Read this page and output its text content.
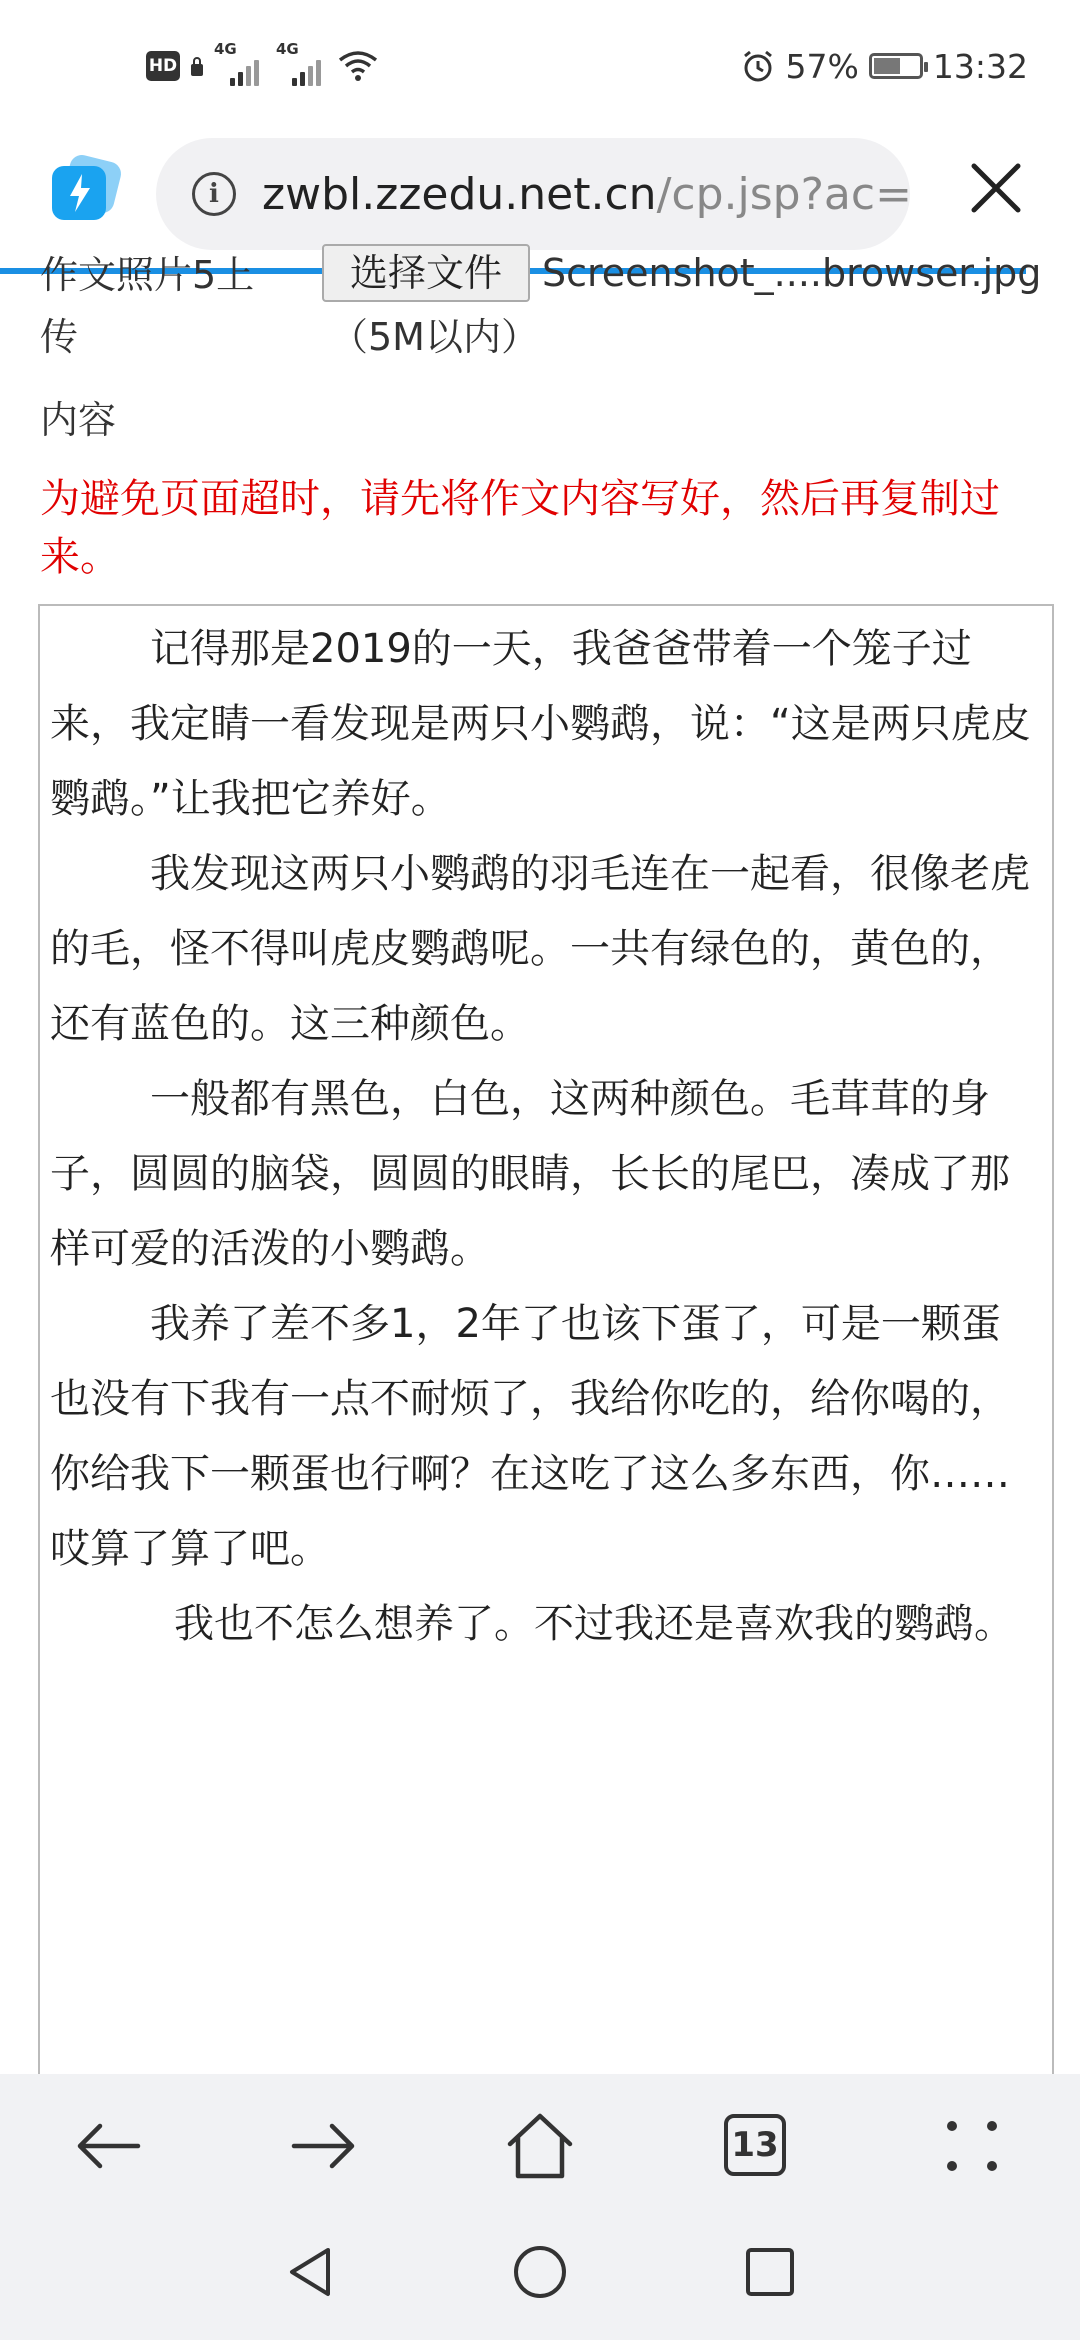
HD
4G	4G	57% 13:32
i zwbl.zzedu.net.cn/cp.jsp?ac=
作文照片5上传
选择文件	Screenshot_....browser.jpg
（5M以内）
内容
为避免页面超时，请先将作文内容写好，然后再复制过来。

记得那是2019的一天，我爸爸带着一个笼子过来，我定睛一看发现是两只小鹦鹉，说：“这是两只虎皮鹦鹉。”让我把它养好。

我发现这两只小鹦鹉的羽毛连在一起看，很像老虎的毛，怪不得叫虎皮鹦鹉呢。一共有绿色的，黄色的，还有蓝色的。这三种颜色。

一般都有黑色，白色，这两种颜色。毛茸茸的身子，圆圆的脑袋，圆圆的眼睛，长长的尾巴，凑成了那样可爱的活泼的小鹦鹉。

我养了差不多1，2年了也该下蛋了，可是一颗蛋也没有下我有一点不耐烦了，我给你吃的，给你喝的，你给我下一颗蛋也行啊？在这吃了这么多东西，你……哎算了算了吧。

我也不怎么想养了。不过我还是喜欢我的鹦鹉。

13
